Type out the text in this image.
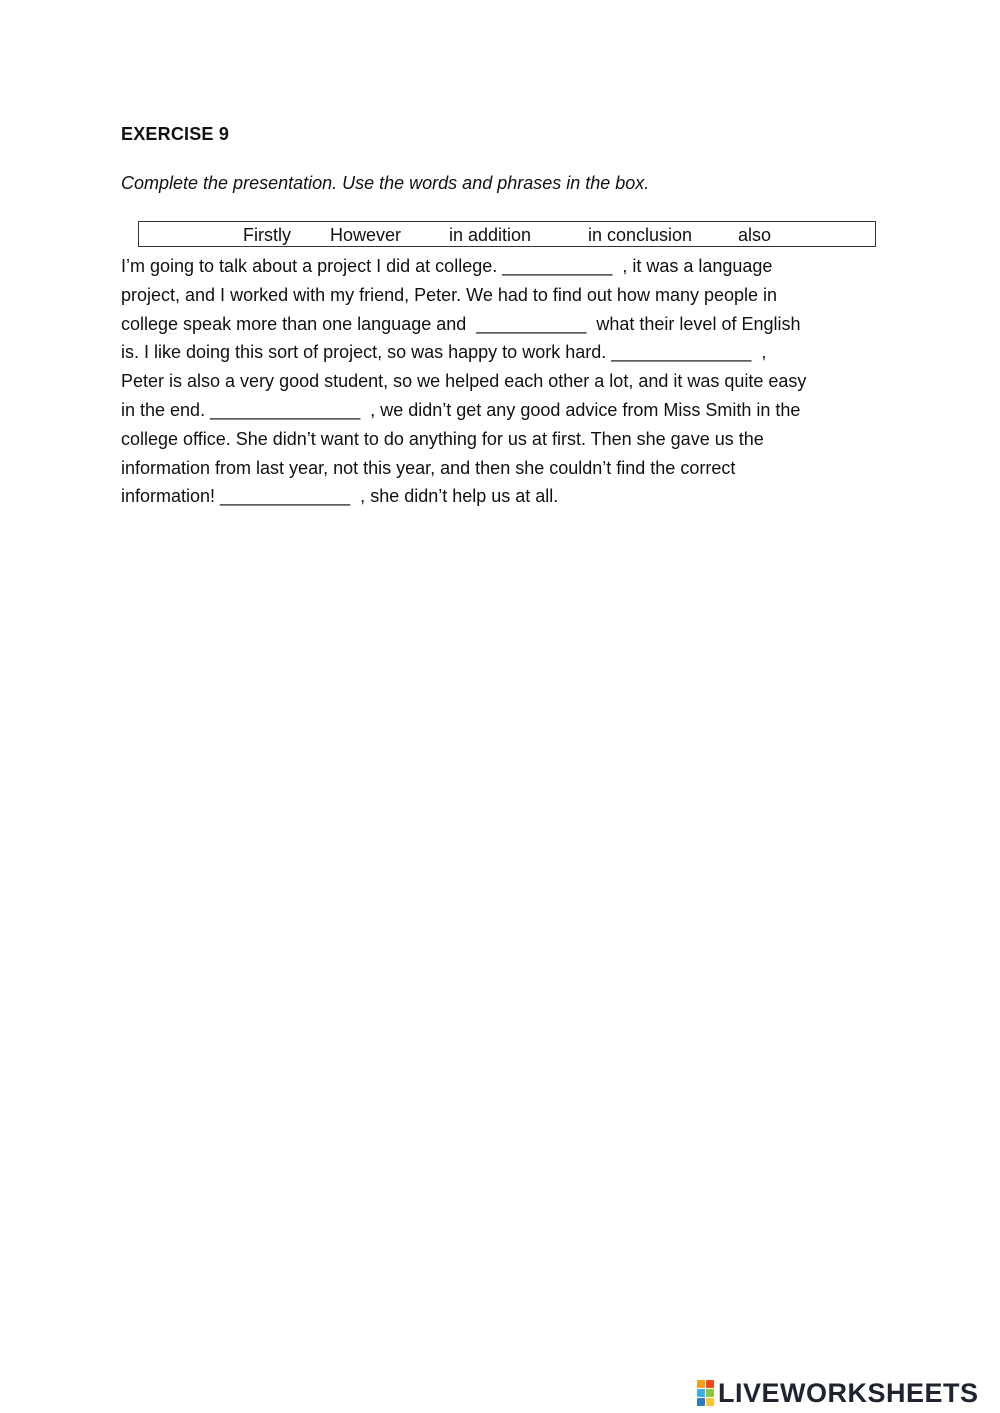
EXERCISE 9
Complete the presentation. Use the words and phrases in the box.
Firstly However	in addition	in conclusion	also
I’m going to talk about a project I did at college. ___________  , it was a language
project, and I worked with my friend, Peter. We had to find out how many people in
college speak more than one language and  ___________  what their level of English
is. I like doing this sort of project, so was happy to work hard. ______________  ,
Peter is also a very good student, so we helped each other a lot, and it was quite easy
in the end. _______________  , we didn’t get any good advice from Miss Smith in the
college office. She didn’t want to do anything for us at first. Then she gave us the
information from last year, not this year, and then she couldn’t find the correct
information! _____________  , she didn’t help us at all.
LIVEWORKSHEETS
